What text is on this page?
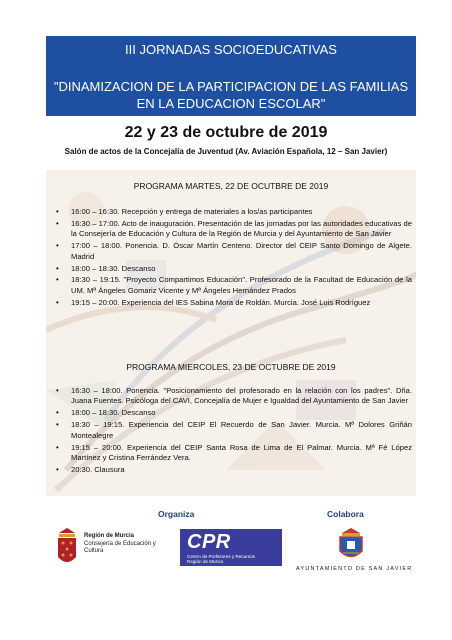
III JORNADAS SOCIOEDUCATIVAS
"DINAMIZACION DE LA PARTICIPACION DE LAS FAMILIAS
EN LA EDUCACION ESCOLAR"
22 y 23 de octubre de 2019
Salón de actos de la Concejalía de Juventud (Av. Aviación Española, 12 – San Javier)
PROGRAMA MARTES, 22 DE OCUTBRE DE 2019
• 16:00 – 16:30. Recepción y entrega de materiales a los/as participantes
• 16:30 – 17:00. Acto de inauguración. Presentación de las jornadas por las autoridades educativas de la Consejería de Educación y Cultura de la Región de Murcia y del Ayuntamiento de San Javier
• 17:00 – 18:00. Ponencia. D. Óscar Martín Centeno. Director del CEIP Santo Domingo de Algete. Madrid
• 18:00 – 18:30. Descanso
• 18:30 – 19:15. "Proyecto Compartimos Educación". Profesorado de la Facultad de Educación de la UM. Mª Ángeles Gomariz Vicente y Mª Ángeles Hernández Prados
• 19:15 – 20:00. Experiencia del IES Sabina Mora de Roldán. Murcia. José Luis Rodríguez
PROGRAMA MIERCOLES, 23 DE OCTUBRE DE 2019
• 16:30 – 18:00. Ponencia. "Posicionamiento del profesorado en la relación con los padres". Dña. Juana Fuentes. Psicóloga del CAVI, Concejalía de Mujer e Igualdad del Ayuntamiento de San Javier
• 18:00 – 18:30. Descanso
• 18:30 – 19:15. Experiencia del CEIP El Recuerdo de San Javier. Murcia. Mª Dolores Griñán Montealegre
• 19:15 – 20:00. Experiencia del CEIP Santa Rosa de Lima de El Palmar. Murcia. Mª Fé López Martínez y Cristina Ferrández Vera.
• 20:30. Clausura
Organiza	Colabora
Región de Murcia
Consejería de Educación y
Cultura	CPR
Centro de Profesores y Recursos
Región de Murcia
AYUNTAMIENTO DE SAN JAVIER
